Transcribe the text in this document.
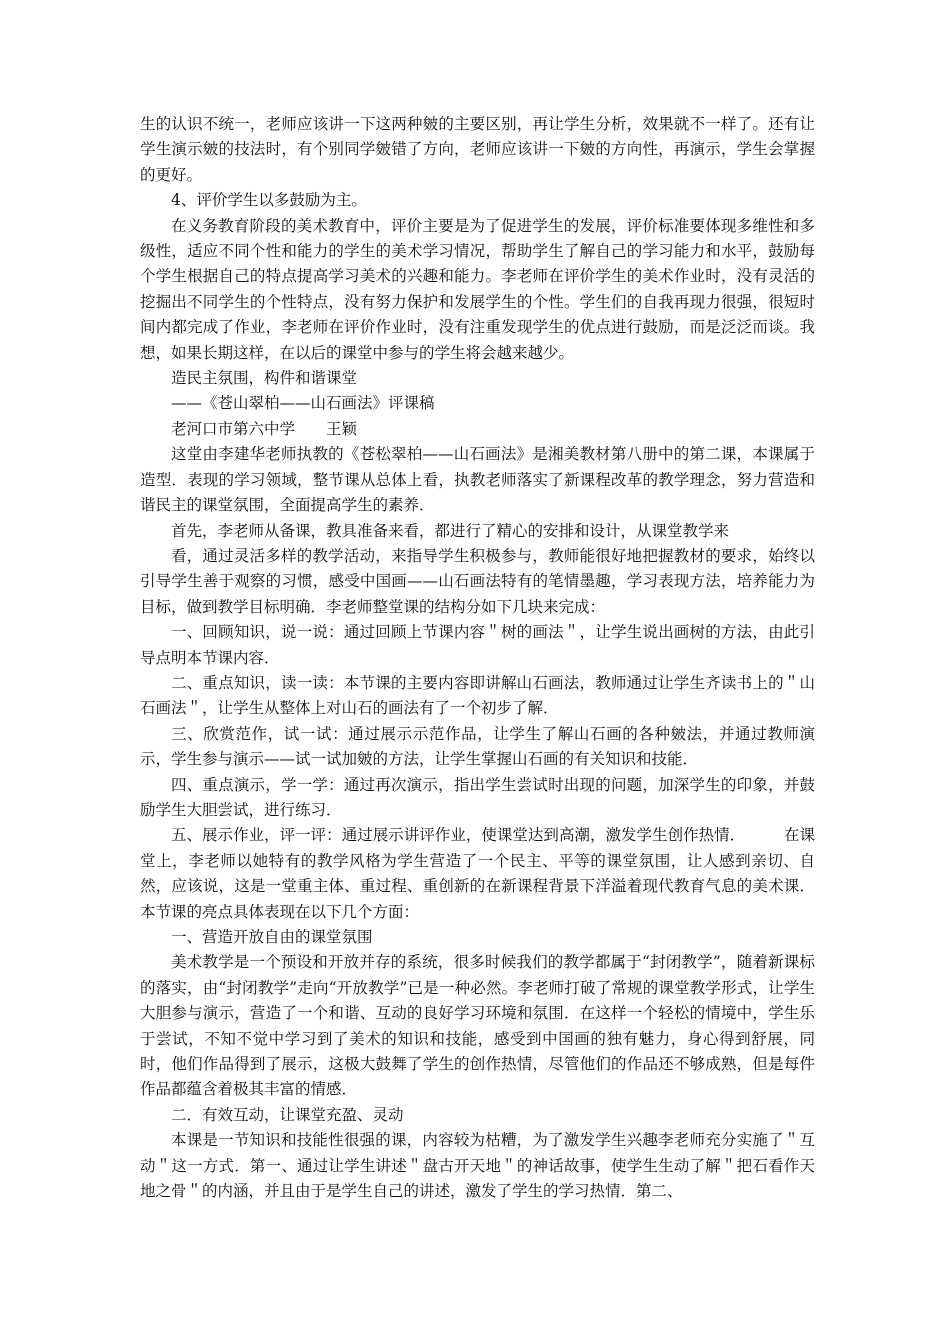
生的认识不统一，老师应该讲一下这两种皴的主要区别，再让学生分析，效果就不一样了。还有让学生演示皴的技法时，有个别同学皴错了方向，老师应该讲一下皴的方向性，再演示，学生会掌握的更好。

4、评价学生以多鼓励为主。

在义务教育阶段的美术教育中，评价主要是为了促进学生的发展，评价标准要体现多维性和多级性，适应不同个性和能力的学生的美术学习情况，帮助学生了解自己的学习能力和水平，鼓励每个学生根据自己的特点提高学习美术的兴趣和能力。李老师在评价学生的美术作业时，没有灵活的挖掘出不同学生的个性特点，没有努力保护和发展学生的个性。学生们的自我再现力很强，很短时间内都完成了作业，李老师在评价作业时，没有注重发现学生的优点进行鼓励，而是泛泛而谈。我想，如果长期这样，在以后的课堂中参与的学生将会越来越少。

造民主氛围，构件和谐课堂

——《苍山翠柏——山石画法》评课稿

老河口市第六中学　　王颖

这堂由李建华老师执教的《苍松翠柏——山石画法》是湘美教材第八册中的第二课，本课属于造型．表现的学习领域，整节课从总体上看，执教老师落实了新课程改革的教学理念，努力营造和谐民主的课堂氛围，全面提高学生的素养．

首先，李老师从备课，教具准备来看，都进行了精心的安排和设计，从课堂教学来

看，通过灵活多样的教学活动，来指导学生积极参与，教师能很好地把握教材的要求，始终以引导学生善于观察的习惯，感受中国画——山石画法特有的笔情墨趣，学习表现方法，培养能力为目标，做到教学目标明确．李老师整堂课的结构分如下几块来完成：

一、回顾知识，说一说：通过回顾上节课内容＂树的画法＂，让学生说出画树的方法，由此引导点明本节课内容．

二、重点知识，读一读：本节课的主要内容即讲解山石画法，教师通过让学生齐读书上的＂山石画法＂，让学生从整体上对山石的画法有了一个初步了解．

三、欣赏范作，试一试：通过展示示范作品，让学生了解山石画的各种皴法，并通过教师演示，学生参与演示——试一试加皴的方法，让学生掌握山石画的有关知识和技能．

四、重点演示，学一学：通过再次演示，指出学生尝试时出现的问题，加深学生的印象，并鼓励学生大胆尝试，进行练习．

五、展示作业，评一评：通过展示讲评作业，使课堂达到高潮，激发学生创作热情．　　　在课堂上，李老师以她特有的教学风格为学生营造了一个民主、平等的课堂氛围，让人感到亲切、自然，应该说，这是一堂重主体、重过程、重创新的在新课程背景下洋溢着现代教育气息的美术课．本节课的亮点具体表现在以下几个方面：

一、营造开放自由的课堂氛围

美术教学是一个预设和开放并存的系统，很多时候我们的教学都属于“封闭教学”，随着新课标的落实，由“封闭教学”走向“开放教学”已是一种必然。李老师打破了常规的课堂教学形式，让学生大胆参与演示，营造了一个和谐、互动的良好学习环境和氛围．在这样一个轻松的情境中，学生乐于尝试，不知不觉中学习到了美术的知识和技能，感受到中国画的独有魅力，身心得到舒展，同时，他们作品得到了展示，这极大鼓舞了学生的创作热情，尽管他们的作品还不够成熟，但是每件作品都蕴含着极其丰富的情感．

二．有效互动，让课堂充盈、灵动

本课是一节知识和技能性很强的课，内容较为枯糟，为了激发学生兴趣李老师充分实施了＂互动＂这一方式．第一、通过让学生讲述＂盘古开天地＂的神话故事，使学生生动了解＂把石看作天地之骨＂的内涵，并且由于是学生自己的讲述，激发了学生的学习热情．第二、
